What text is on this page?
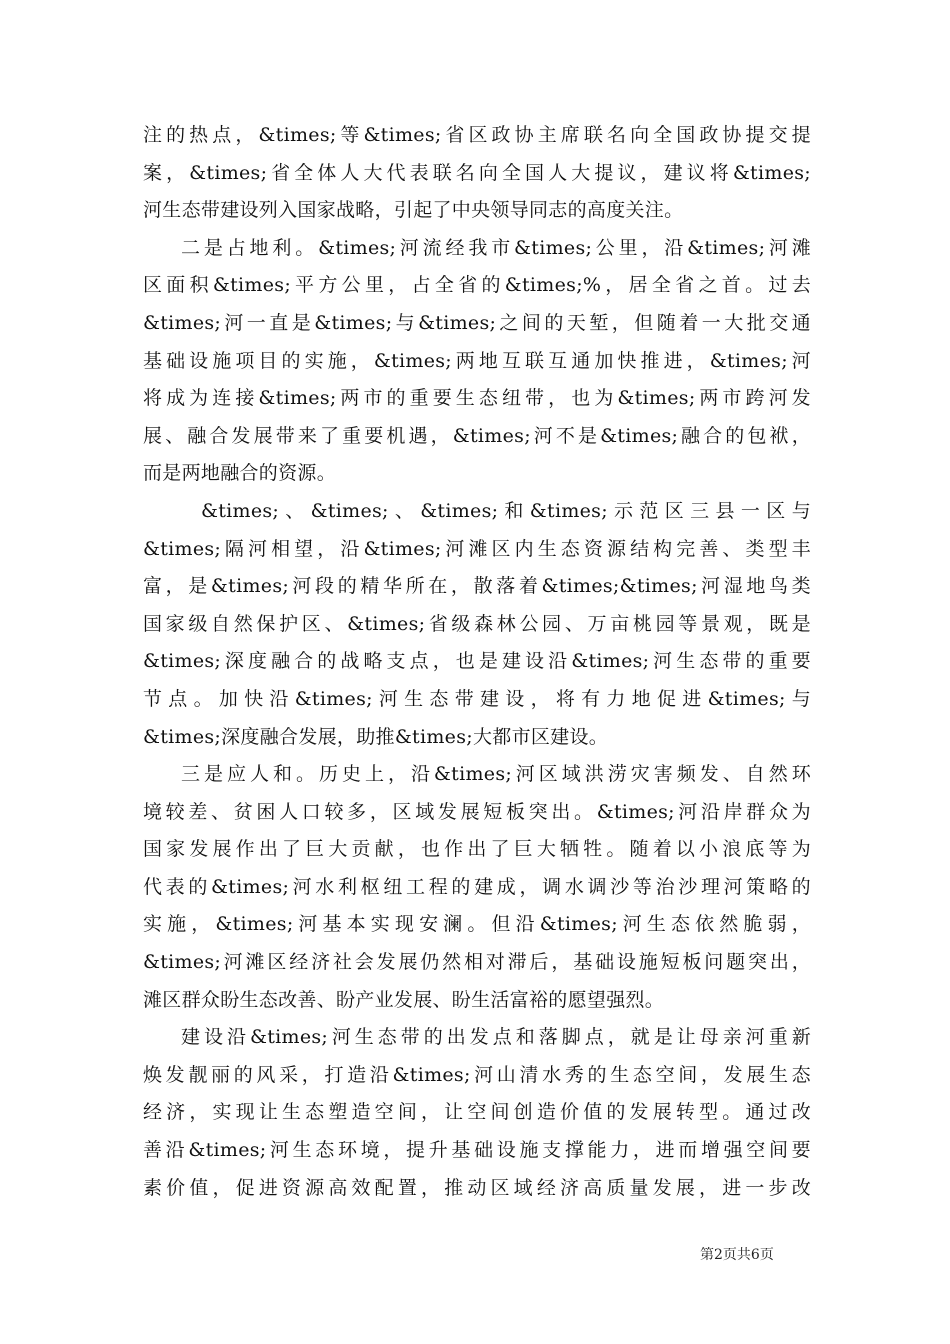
注的热点，&times;等&times;省区政协主席联名向全国政协提交提
案，&times;省全体人大代表联名向全国人大提议，建议将&times;
河生态带建设列入国家战略，引起了中央领导同志的高度关注。
二是占地利。&times;河流经我市&times;公里，沿&times;河滩
区面积&times;平方公里，占全省的&times;%，居全省之首。过去
&times;河一直是&times;与&times;之间的天堑，但随着一大批交通
基础设施项目的实施，&times;两地互联互通加快推进，&times;河
将成为连接&times;两市的重要生态纽带，也为&times;两市跨河发
展、融合发展带来了重要机遇，&times;河不是&times;融合的包袱，
而是两地融合的资源。
&times;、&times;、&times;和&times;示范区三县一区与
&times;隔河相望，沿&times;河滩区内生态资源结构完善、类型丰
富，是&times;河段的精华所在，散落着&times;&times;河湿地鸟类
国家级自然保护区、&times;省级森林公园、万亩桃园等景观，既是
&times;深度融合的战略支点，也是建设沿&times;河生态带的重要
节点。加快沿&times;河生态带建设，将有力地促进&times;与
&times;深度融合发展，助推&times;大都市区建设。
三是应人和。历史上，沿&times;河区域洪涝灾害频发、自然环
境较差、贫困人口较多，区域发展短板突出。&times;河沿岸群众为
国家发展作出了巨大贡献，也作出了巨大牺牲。随着以小浪底等为
代表的&times;河水利枢纽工程的建成，调水调沙等治沙理河策略的
实施，&times;河基本实现安澜。但沿&times;河生态依然脆弱，
&times;河滩区经济社会发展仍然相对滞后，基础设施短板问题突出，
滩区群众盼生态改善、盼产业发展、盼生活富裕的愿望强烈。
建设沿&times;河生态带的出发点和落脚点，就是让母亲河重新
焕发靓丽的风采，打造沿&times;河山清水秀的生态空间，发展生态
经济，实现让生态塑造空间，让空间创造价值的发展转型。通过改
善沿&times;河生态环境，提升基础设施支撑能力，进而增强空间要
素价值，促进资源高效配置，推动区域经济高质量发展，进一步改
第2页共6页
